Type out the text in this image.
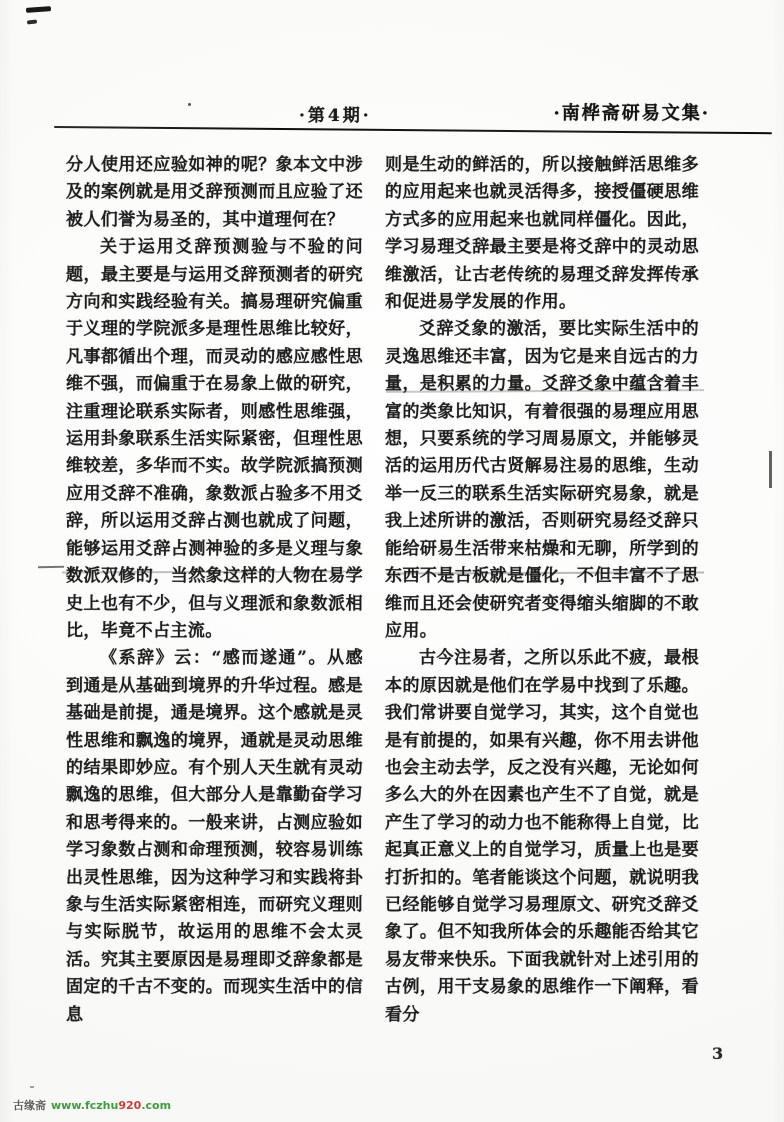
·第4期·	·南桦斋研易文集·

分人使用还应验如神的呢？象本文中涉及的案例就是用爻辞预测而且应验了还被人们誉为易圣的，其中道理何在？

关于运用爻辞预测验与不验的问题，最主要是与运用爻辞预测者的研究方向和实践经验有关。搞易理研究偏重于义理的学院派多是理性思维比较好，凡事都循出个理，而灵动的感应感性思维不强，而偏重于在易象上做的研究，注重理论联系实际者，则感性思维强，运用卦象联系生活实际紧密，但理性思维较差，多华而不实。故学院派搞预测应用爻辞不准确，象数派占验多不用爻辞，所以运用爻辞占测也就成了问题，能够运用爻辞占测神验的多是义理与象数派双修的，当然象这样的人物在易学史上也有不少，但与义理派和象数派相比，毕竟不占主流。

《系辞》云：“感而遂通”。从感到通是从基础到境界的升华过程。感是基础是前提，通是境界。这个感就是灵性思维和飘逸的境界，通就是灵动思维的结果即妙应。有个别人天生就有灵动飘逸的思维，但大部分人是靠勤奋学习和思考得来的。一般来讲，占测应验如学习象数占测和命理预测，较容易训练出灵性思维，因为这种学习和实践将卦象与生活实际紧密相连，而研究义理则与实际脱节，故运用的思维不会太灵活。究其主要原因是易理即爻辞象都是固定的千古不变的。而现实生活中的信息

则是生动的鲜活的，所以接触鲜活思维多的应用起来也就灵活得多，接授僵硬思维方式多的应用起来也就同样僵化。因此，学习易理爻辞最主要是将爻辞中的灵动思维激活，让古老传统的易理爻辞发挥传承和促进易学发展的作用。

爻辞爻象的激活，要比实际生活中的灵逸思维还丰富，因为它是来自远古的力量，是积累的力量。爻辞爻象中蕴含着丰富的类象比知识，有着很强的易理应用思想，只要系统的学习周易原文，并能够灵活的运用历代古贤解易注易的思维，生动举一反三的联系生活实际研究易象，就是我上述所讲的激活，否则研究易经爻辞只能给研易生活带来枯燥和无聊，所学到的东西不是古板就是僵化，不但丰富不了思维而且还会使研究者变得缩头缩脚的不敢应用。

古今注易者，之所以乐此不疲，最根本的原因就是他们在学易中找到了乐趣。我们常讲要自觉学习，其实，这个自觉也是有前提的，如果有兴趣，你不用去讲他也会主动去学，反之没有兴趣，无论如何多么大的外在因素也产生不了自觉，就是产生了学习的动力也不能称得上自觉，比起真正意义上的自觉学习，质量上也是要打折扣的。笔者能谈这个问题，就说明我已经能够自觉学习易理原文、研究爻辞爻象了。但不知我所体会的乐趣能否给其它易友带来快乐。下面我就针对上述引用的古例，用干支易象的思维作一下阐释，看看分

3
古缘斋 www.fczhu920.com
